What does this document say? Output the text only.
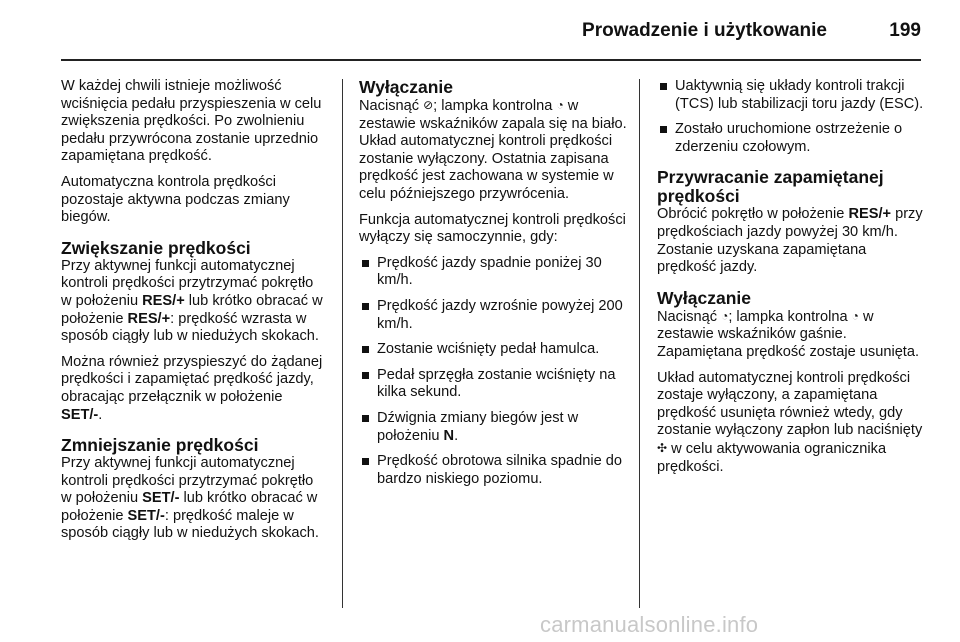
Prowadzenie i użytkowanie	199

W każdej chwili istnieje możliwość wciśnięcia pedału przyspieszenia w celu zwiększenia prędkości. Po zwolnieniu pedału przywrócona zostanie uprzednio zapamiętana prędkość.

Automatyczna kontrola prędkości pozostaje aktywna podczas zmiany biegów.

Zwiększanie prędkości

Przy aktywnej funkcji automatycznej kontroli prędkości przytrzymać pokrętło w położeniu RES/+ lub krótko obracać w położenie RES/+: prędkość wzrasta w sposób ciągły lub w niedużych skokach.

Można również przyspieszyć do żądanej prędkości i zapamiętać prędkość jazdy, obracając przełącznik w położenie SET/-.

Zmniejszanie prędkości

Przy aktywnej funkcji automatycznej kontroli prędkości przytrzymać pokrętło w położeniu SET/- lub krótko obracać w położenie SET/-: prędkość maleje w sposób ciągły lub w niedużych skokach.

Wyłączanie

Nacisnąć ⊘; lampka kontrolna ◔ w zestawie wskaźników zapala się na biało. Układ automatycznej kontroli prędkości zostanie wyłączony. Ostatnia zapisana prędkość jest zachowana w systemie w celu późniejszego przywrócenia.

Funkcja automatycznej kontroli prędkości wyłączy się samoczynnie, gdy:

Prędkość jazdy spadnie poniżej 30 km/h.
Prędkość jazdy wzrośnie powyżej 200 km/h.
Zostanie wciśnięty pedał hamulca.
Pedał sprzęgła zostanie wciśnięty na kilka sekund.
Dźwignia zmiany biegów jest w położeniu N.
Prędkość obrotowa silnika spadnie do bardzo niskiego poziomu.
Uaktywnią się układy kontroli trakcji (TCS) lub stabilizacji toru jazdy (ESC).
Zostało uruchomione ostrzeżenie o zderzeniu czołowym.
Przywracanie zapamiętanej prędkości

Obrócić pokrętło w położenie RES/+ przy prędkościach jazdy powyżej 30 km/h. Zostanie uzyskana zapamiętana prędkość jazdy.

Wyłączanie

Nacisnąć ◔; lampka kontrolna ◔ w zestawie wskaźników gaśnie. Zapamiętana prędkość zostaje usunięta.

Układ automatycznej kontroli prędkości zostaje wyłączony, a zapamiętana prędkość usunięta również wtedy, gdy zostanie wyłączony zapłon lub naciśnięty ✣ w celu aktywowania ogranicznika prędkości.

carmanualsonline.info
